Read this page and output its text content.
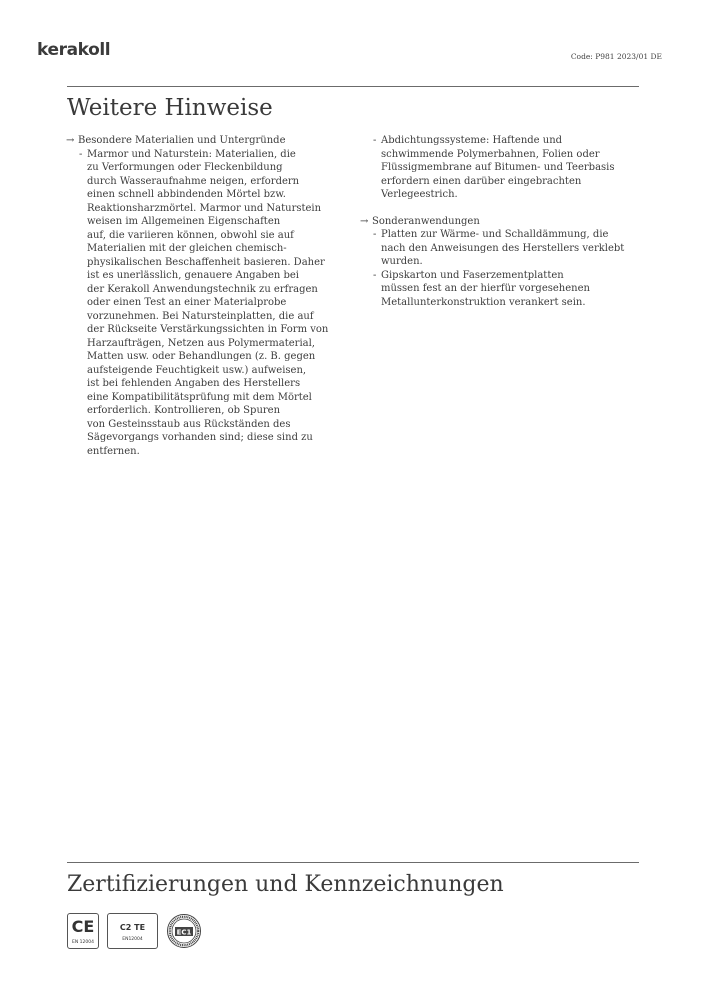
kerakoll	Code: P981 2023/01 DE
Weitere Hinweise
→ Besondere Materialien und Untergründe
- Marmor und Naturstein: Materialien, die
zu Verformungen oder Fleckenbildung
durch Wasseraufnahme neigen, erfordern
einen schnell abbindenden Mörtel bzw.
Reaktionsharzmörtel. Marmor und Naturstein
weisen im Allgemeinen Eigenschaften
auf, die variieren können, obwohl sie auf
Materialien mit der gleichen chemisch-
physikalischen Beschaffenheit basieren. Daher
ist es unerlässlich, genauere Angaben bei
der Kerakoll Anwendungstechnik zu erfragen
oder einen Test an einer Materialprobe
vorzunehmen. Bei Natursteinplatten, die auf
der Rückseite Verstärkungssichten in Form von
Harzaufträgen, Netzen aus Polymermaterial,
Matten usw. oder Behandlungen (z. B. gegen
aufsteigende Feuchtigkeit usw.) aufweisen,
ist bei fehlenden Angaben des Herstellers
eine Kompatibilitätsprüfung mit dem Mörtel
erforderlich. Kontrollieren, ob Spuren
von Gesteinsstaub aus Rückständen des
Sägevorgangs vorhanden sind; diese sind zu
entfernen.
- Abdichtungssysteme: Haftende und
schwimmende Polymerbahnen, Folien oder
Flüssigmembrane auf Bitumen- und Teerbasis
erfordern einen darüber eingebrachten
Verlegeestrich.
→ Sonderanwendungen
- Platten zur Wärme- und Schalldämmung, die
nach den Anweisungen des Herstellers verklebt
wurden.
- Gipskarton und Faserzementplatten
müssen fest an der hierfür vorgesehenen
Metallunterkonstruktion verankert sein.
Zertifizierungen und Kennzeichnungen
CE
EN 12004
C2 TE
EN12004
EC1
